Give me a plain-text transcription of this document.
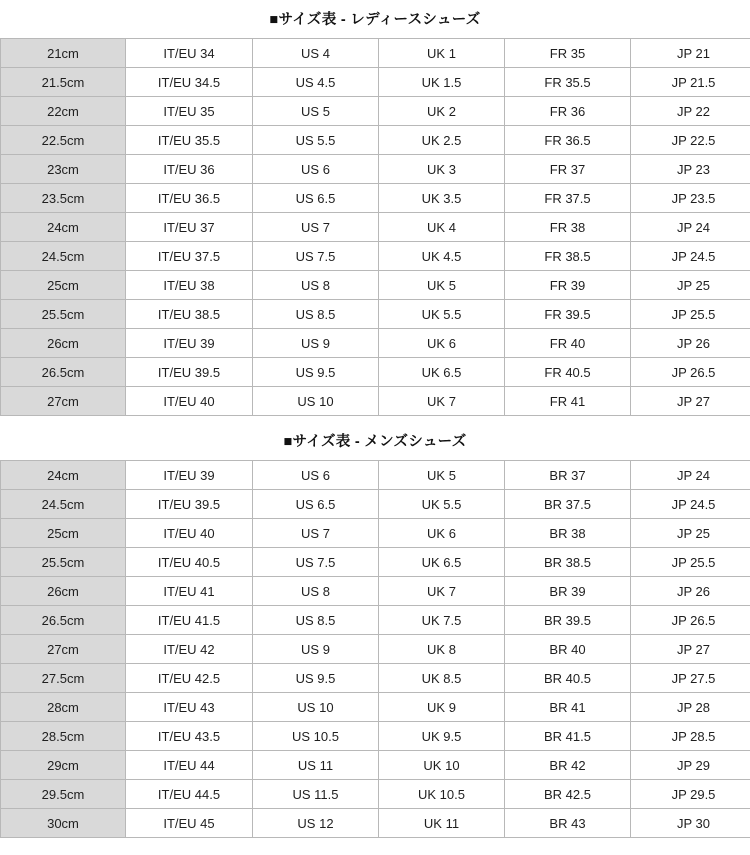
■サイズ表 - レディースシューズ
21cm	IT/EU 34	US 4	UK 1	FR 35	JP 21
21.5cm	IT/EU 34.5	US 4.5	UK 1.5	FR 35.5	JP 21.5
22cm	IT/EU 35	US 5	UK 2	FR 36	JP 22
22.5cm	IT/EU 35.5	US 5.5	UK 2.5	FR 36.5	JP 22.5
23cm	IT/EU 36	US 6	UK 3	FR 37	JP 23
23.5cm	IT/EU 36.5	US 6.5	UK 3.5	FR 37.5	JP 23.5
24cm	IT/EU 37	US 7	UK 4	FR 38	JP 24
24.5cm	IT/EU 37.5	US 7.5	UK 4.5	FR 38.5	JP 24.5
25cm	IT/EU 38	US 8	UK 5	FR 39	JP 25
25.5cm	IT/EU 38.5	US 8.5	UK 5.5	FR 39.5	JP 25.5
26cm	IT/EU 39	US 9	UK 6	FR 40	JP 26
26.5cm	IT/EU 39.5	US 9.5	UK 6.5	FR 40.5	JP 26.5
27cm	IT/EU 40	US 10	UK 7	FR 41	JP 27
■サイズ表 - メンズシューズ
24cm	IT/EU 39	US 6	UK 5	BR 37	JP 24
24.5cm	IT/EU 39.5	US 6.5	UK 5.5	BR 37.5	JP 24.5
25cm	IT/EU 40	US 7	UK 6	BR 38	JP 25
25.5cm	IT/EU 40.5	US 7.5	UK 6.5	BR 38.5	JP 25.5
26cm	IT/EU 41	US 8	UK 7	BR 39	JP 26
26.5cm	IT/EU 41.5	US 8.5	UK 7.5	BR 39.5	JP 26.5
27cm	IT/EU 42	US 9	UK 8	BR 40	JP 27
27.5cm	IT/EU 42.5	US 9.5	UK 8.5	BR 40.5	JP 27.5
28cm	IT/EU 43	US 10	UK 9	BR 41	JP 28
28.5cm	IT/EU 43.5	US 10.5	UK 9.5	BR 41.5	JP 28.5
29cm	IT/EU 44	US 11	UK 10	BR 42	JP 29
29.5cm	IT/EU 44.5	US 11.5	UK 10.5	BR 42.5	JP 29.5
30cm	IT/EU 45	US 12	UK 11	BR 43	JP 30
